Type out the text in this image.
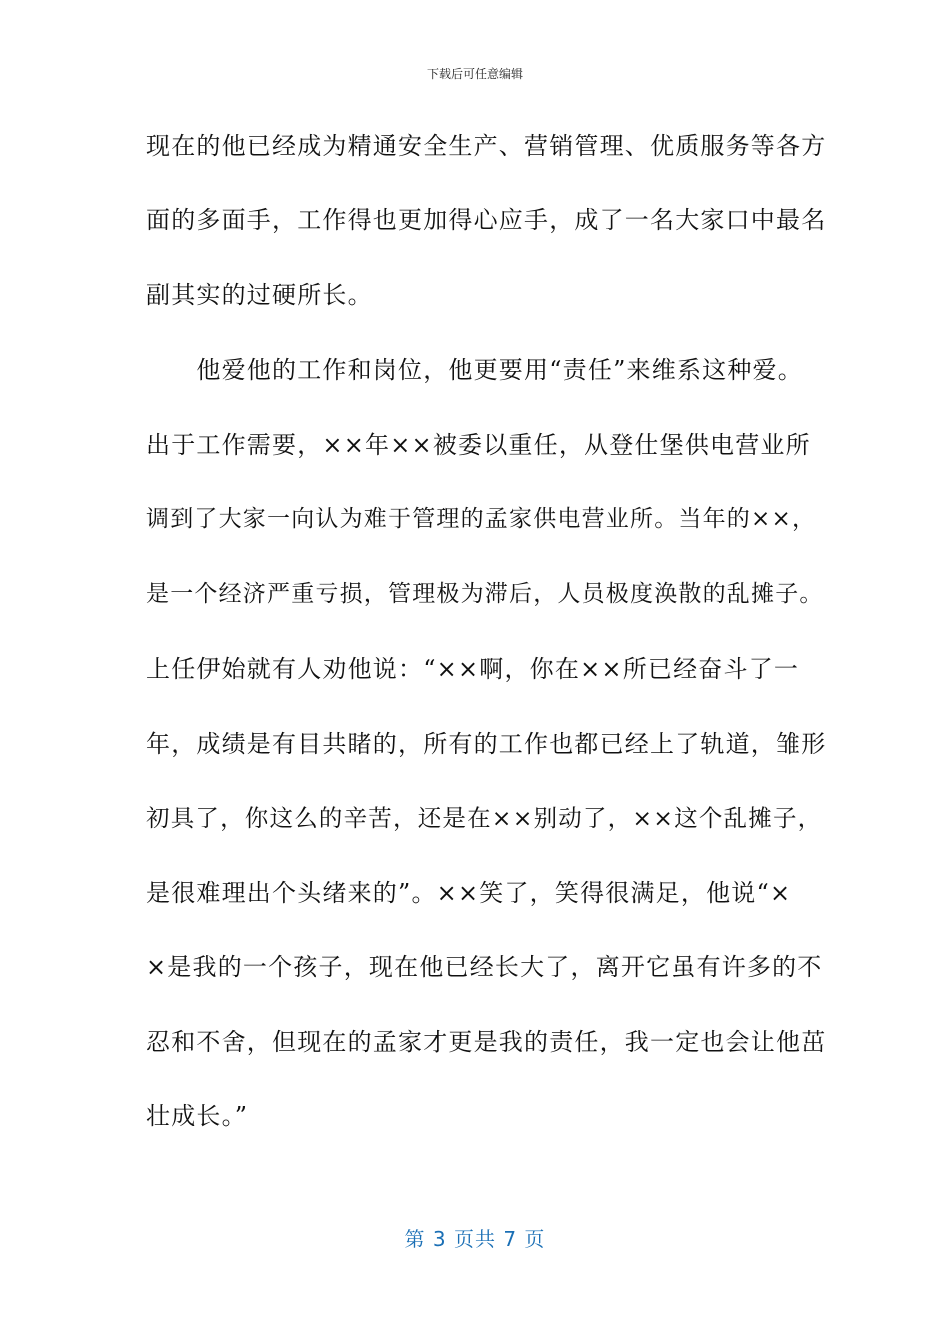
下载后可任意编辑
现在的他已经成为精通安全生产、营销管理、优质服务等各方
面的多面手，工作得也更加得心应手，成了一名大家口中最名
副其实的过硬所长。
　　他爱他的工作和岗位，他更要用“责任”来维系这种爱。
出于工作需要，××年××被委以重任，从登仕堡供电营业所
调到了大家一向认为难于管理的孟家供电营业所。当年的××，
是一个经济严重亏损，管理极为滞后，人员极度涣散的乱摊子。
上任伊始就有人劝他说：“××啊，你在××所已经奋斗了一
年，成绩是有目共睹的，所有的工作也都已经上了轨道，雏形
初具了，你这么的辛苦，还是在××别动了，××这个乱摊子，
是很难理出个头绪来的”。××笑了，笑得很满足，他说“×
×是我的一个孩子，现在他已经长大了，离开它虽有许多的不
忍和不舍，但现在的孟家才更是我的责任，我一定也会让他茁
壮成长。”
第 3 页共 7 页
